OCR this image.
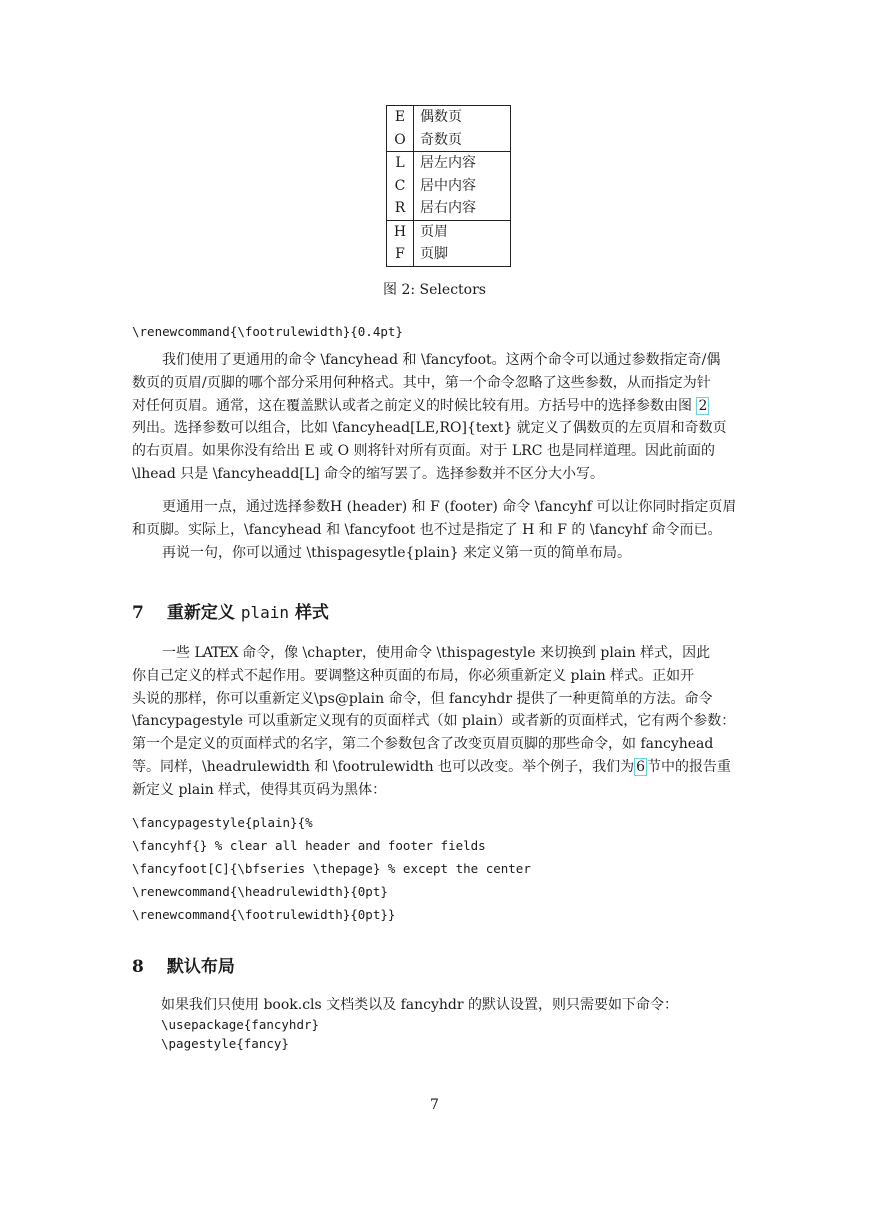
E	偶数页
O	奇数页
L	居左内容
C	居中内容
R	居右内容
H	页眉
F	页脚
图 2: Selectors
\renewcommand{\footrulewidth}{0.4pt}
我们使用了更通用的命令 \fancyhead 和 \fancyfoot。这两个命令可以通过参数指定奇/偶
数页的页眉/页脚的哪个部分采用何种格式。其中，第一个命令忽略了这些参数，从而指定为针
对任何页眉。通常，这在覆盖默认或者之前定义的时候比较有用。方括号中的选择参数由图 2
列出。选择参数可以组合，比如 \fancyhead[LE,RO]{text} 就定义了偶数页的左页眉和奇数页
的右页眉。如果你没有给出 E 或 O 则将针对所有页面。对于 LRC 也是同样道理。因此前面的
\lhead 只是 \fancyheadd[L] 命令的缩写罢了。选择参数并不区分大小写。
更通用一点，通过选择参数H (header) 和 F (footer) 命令 \fancyhf 可以让你同时指定页眉
和页脚。实际上，\fancyhead 和 \fancyfoot 也不过是指定了 H 和 F 的 \fancyhf 命令而已。
再说一句，你可以通过 \thispagesytle{plain} 来定义第一页的简单布局。
7 重新定义 plain 样式
一些 LATEX 命令，像 \chapter，使用命令 \thispagestyle 来切换到 plain 样式，因此
你自己定义的样式不起作用。要调整这种页面的布局，你必须重新定义 plain 样式。正如开
头说的那样，你可以重新定义\ps@plain 命令，但 fancyhdr 提供了一种更简单的方法。命令
\fancypagestyle 可以重新定义现有的页面样式（如 plain）或者新的页面样式，它有两个参数：
第一个是定义的页面样式的名字，第二个参数包含了改变页眉页脚的那些命令，如 fancyhead
等。同样，\headrulewidth 和 \footrulewidth 也可以改变。举个例子，我们为 6 节中的报告重
新定义 plain 样式，使得其页码为黑体：
\fancypagestyle{plain}{%
\fancyhf{} % clear all header and footer fields
\fancyfoot[C]{\bfseries \thepage} % except the center
\renewcommand{\headrulewidth}{0pt}
\renewcommand{\footrulewidth}{0pt}}
8 默认布局
如果我们只使用 book.cls 文档类以及 fancyhdr 的默认设置，则只需要如下命令：
\usepackage{fancyhdr}
\pagestyle{fancy}
7
